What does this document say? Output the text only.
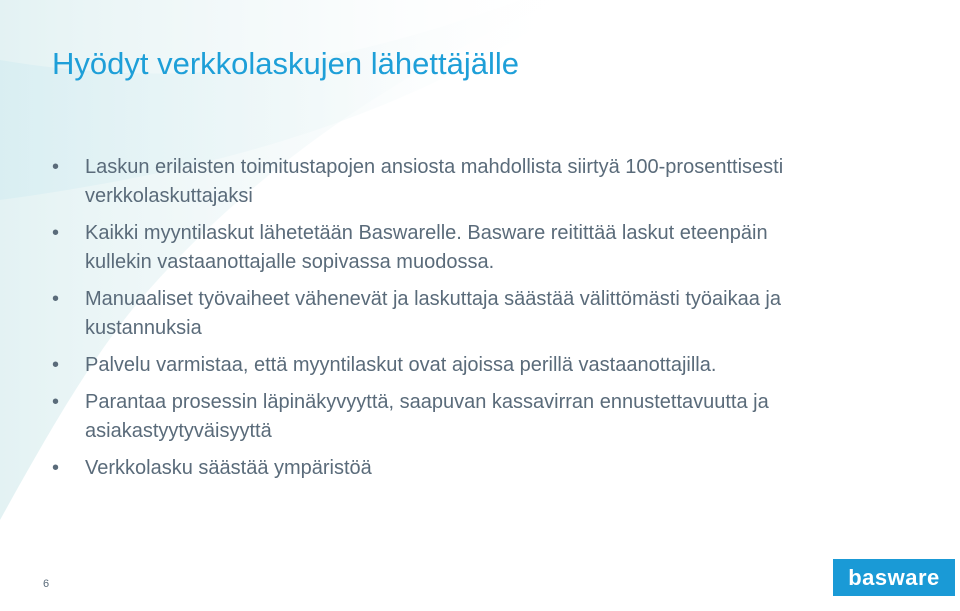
Hyödyt verkkolaskujen lähettäjälle
• Laskun erilaisten toimitustapojen ansiosta mahdollista siirtyä 100-prosenttisesti verkkolaskuttajaksi
• Kaikki myyntilaskut lähetetään Baswarelle. Basware reitittää laskut eteenpäin kullekin vastaanottajalle sopivassa muodossa.
• Manuaaliset työvaiheet vähenevät ja laskuttaja säästää välittömästi työaikaa ja kustannuksia
• Palvelu varmistaa, että myyntilaskut ovat ajoissa perillä vastaanottajilla.
• Parantaa prosessin läpinäkyvyyttä, saapuvan kassavirran ennustettavuutta ja asiakastyytyväisyyttä
• Verkkolasku säästää ympäristöä
6	basware
